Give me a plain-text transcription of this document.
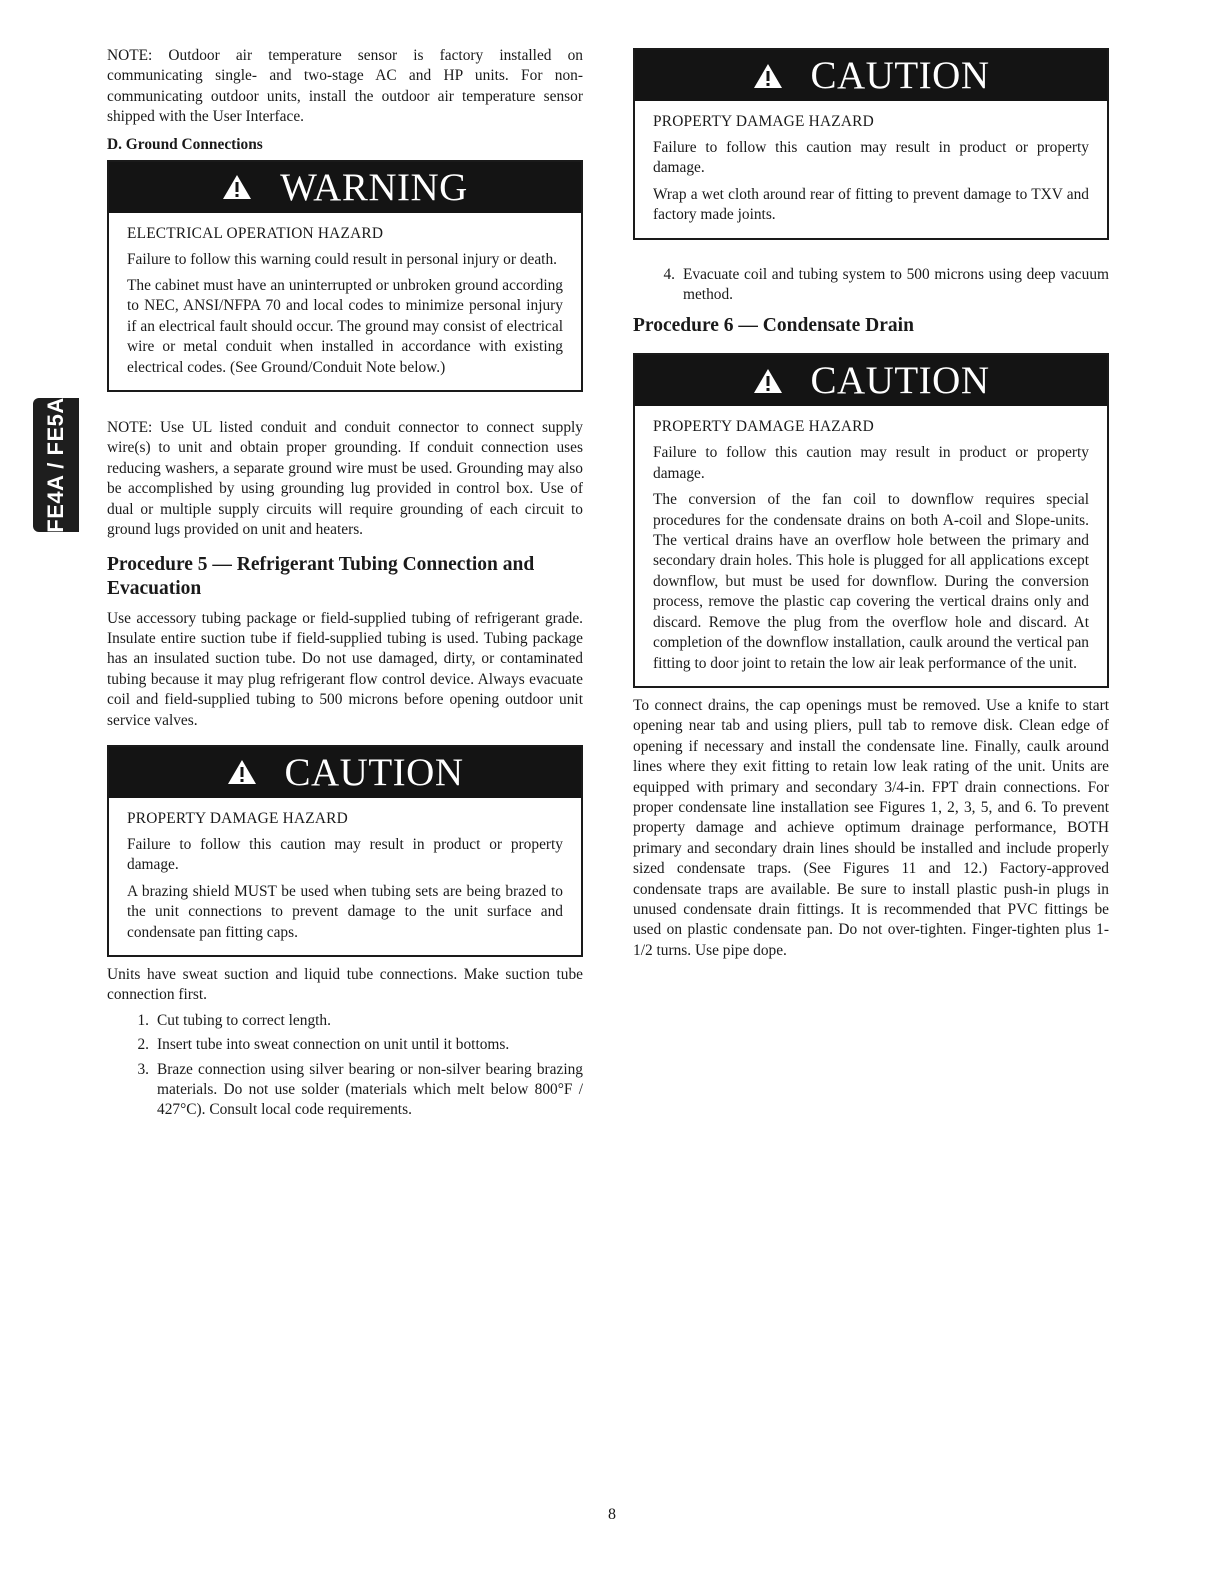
FE4A / FE5A

NOTE: Outdoor air temperature sensor is factory installed on communicating single- and two-stage AC and HP units. For non-communicating outdoor units, install the outdoor air temperature sensor shipped with the User Interface.

D. Ground Connections
WARNING
ELECTRICAL OPERATION HAZARD

Failure to follow this warning could result in personal injury or death.

The cabinet must have an uninterrupted or unbroken ground according to NEC, ANSI/NFPA 70 and local codes to minimize personal injury if an electrical fault should occur. The ground may consist of electrical wire or metal conduit when installed in accordance with existing electrical codes. (See Ground/Conduit Note below.)

NOTE: Use UL listed conduit and conduit connector to connect supply wire(s) to unit and obtain proper grounding. If conduit connection uses reducing washers, a separate ground wire must be used. Grounding may also be accomplished by using grounding lug provided in control box. Use of dual or multiple supply circuits will require grounding of each circuit to ground lugs provided on unit and heaters.

Procedure 5 — Refrigerant Tubing Connection and Evacuation

Use accessory tubing package or field-supplied tubing of refrigerant grade. Insulate entire suction tube if field-supplied tubing is used. Tubing package has an insulated suction tube. Do not use damaged, dirty, or contaminated tubing because it may plug refrigerant flow control device. Always evacuate coil and field-supplied tubing to 500 microns before opening outdoor unit service valves.

CAUTION
PROPERTY DAMAGE HAZARD

Failure to follow this caution may result in product or property damage.

A brazing shield MUST be used when tubing sets are being brazed to the unit connections to prevent damage to the unit surface and condensate pan fitting caps.

Units have sweat suction and liquid tube connections. Make suction tube connection first.

1. Cut tubing to correct length.
2. Insert tube into sweat connection on unit until it bottoms.
3. Braze connection using silver bearing or non-silver bearing brazing materials. Do not use solder (materials which melt below 800°F / 427°C). Consult local code requirements.
CAUTION
PROPERTY DAMAGE HAZARD

Failure to follow this caution may result in product or property damage.

Wrap a wet cloth around rear of fitting to prevent damage to TXV and factory made joints.

4. Evacuate coil and tubing system to 500 microns using deep vacuum method.
Procedure 6 — Condensate Drain
CAUTION
PROPERTY DAMAGE HAZARD

Failure to follow this caution may result in product or property damage.

The conversion of the fan coil to downflow requires special procedures for the condensate drains on both A-coil and Slope-units. The vertical drains have an overflow hole between the primary and secondary drain holes. This hole is plugged for all applications except downflow, but must be used for downflow. During the conversion process, remove the plastic cap covering the vertical drains only and discard. Remove the plug from the overflow hole and discard. At completion of the downflow installation, caulk around the vertical pan fitting to door joint to retain the low air leak performance of the unit.

To connect drains, the cap openings must be removed. Use a knife to start opening near tab and using pliers, pull tab to remove disk. Clean edge of opening if necessary and install the condensate line. Finally, caulk around lines where they exit fitting to retain low leak rating of the unit. Units are equipped with primary and secondary 3/4-in. FPT drain connections. For proper condensate line installation see Figures 1, 2, 3, 5, and 6. To prevent property damage and achieve optimum drainage performance, BOTH primary and secondary drain lines should be installed and include properly sized condensate traps. (See Figures 11 and 12.) Factory-approved condensate traps are available. Be sure to install plastic push-in plugs in unused condensate drain fittings. It is recommended that PVC fittings be used on plastic condensate pan. Do not over-tighten. Finger-tighten plus 1-1/2 turns. Use pipe dope.

8
